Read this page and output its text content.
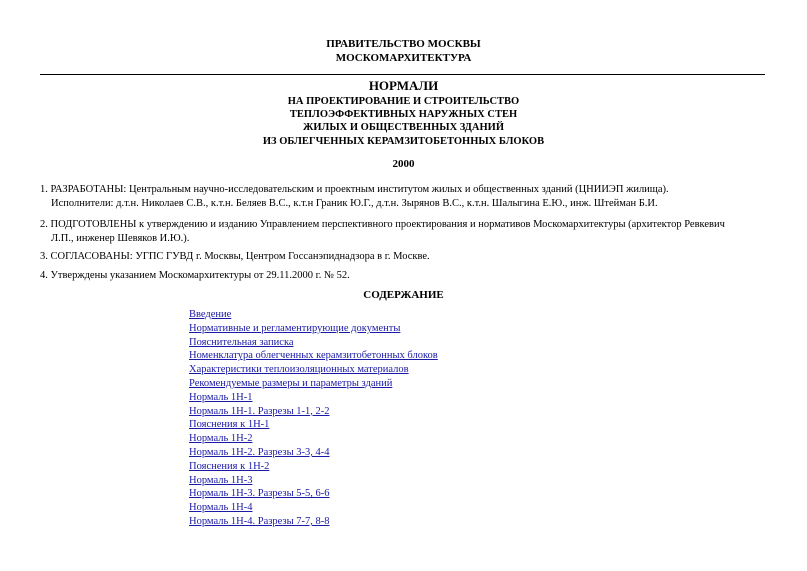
ПРАВИТЕЛЬСТВО МОСКВЫ
МОСКОМАРХИТЕКТУРА
НОРМАЛИ
НА ПРОЕКТИРОВАНИЕ И СТРОИТЕЛЬСТВО
ТЕПЛОЭФФЕКТИВНЫХ НАРУЖНЫХ СТЕН
ЖИЛЫХ И ОБЩЕСТВЕННЫХ ЗДАНИЙ
ИЗ ОБЛЕГЧЕННЫХ КЕРАМЗИТОБЕТОННЫХ БЛОКОВ
2000
1. РАЗРАБОТАНЫ: Центральным научно-исследовательским и проектным институтом жилых и общественных зданий (ЦНИИЭП жилища).
Исполнители: д.т.н. Николаев С.В., к.т.н. Беляев В.С., к.т.н Граник Ю.Г., д.т.н. Зырянов В.С., к.т.н. Шалыгина Е.Ю., инж. Штейман Б.И.
2. ПОДГОТОВЛЕНЫ к утверждению и изданию Управлением перспективного проектирования и нормативов Москомархитектуры (архитектор Ревкевич
Л.П., инженер Шевяков И.Ю.).
3. СОГЛАСОВАНЫ: УГПС ГУВД г. Москвы, Центром Госсанэпиднадзора в г. Москве.
4. Утверждены указанием Москомархитектуры от 29.11.2000 г. № 52.
СОДЕРЖАНИЕ
Введение
Нормативные и регламентирующие документы
Пояснительная записка
Номенклатура облегченных керамзитобетонных блоков
Характеристики теплоизоляционных материалов
Рекомендуемые размеры и параметры зданий
Нормаль 1Н-1
Нормаль 1Н-1. Разрезы 1-1, 2-2
Пояснения к 1Н-1
Нормаль 1Н-2
Нормаль 1Н-2. Разрезы 3-3, 4-4
Пояснения к 1Н-2
Нормаль 1Н-3
Нормаль 1Н-3. Разрезы 5-5, 6-6
Нормаль 1Н-4
Нормаль 1Н-4. Разрезы 7-7, 8-8
